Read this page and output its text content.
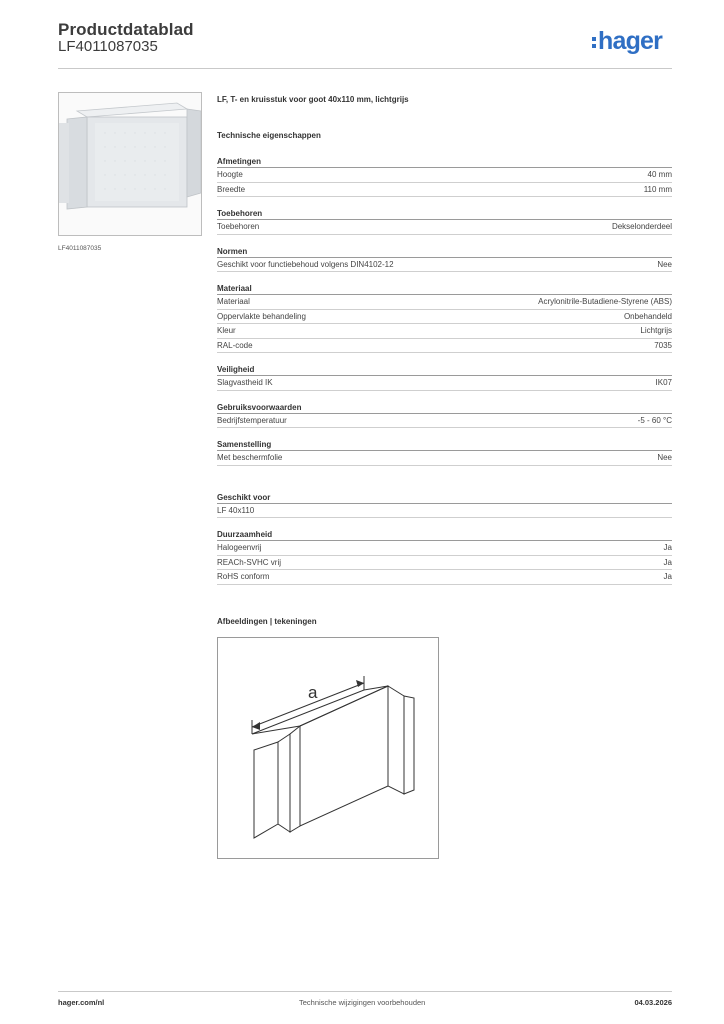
Productdatablad
LF4011087035	hager
LF4011087035
LF, T- en kruisstuk voor goot 40x110 mm, lichtgrijs
Technische eigenschappen
Afmetingen
Hoogte	40 mm
Breedte	110 mm
Toebehoren
Toebehoren	Dekselonderdeel
Normen
Geschikt voor functiebehoud volgens DIN4102-12	Nee
Materiaal
Materiaal	Acrylonitrile-Butadiene-Styrene (ABS)
Oppervlakte behandeling	Onbehandeld
Kleur	Lichtgrijs
RAL-code	7035
Veiligheid
Slagvastheid IK	IK07
Gebruiksvoorwaarden
Bedrijfstemperatuur	-5 - 60 °C
Samenstelling
Met beschermfolie	Nee
Geschikt voor
LF 40x110
Duurzaamheid
Halogeenvrij	Ja
REACh-SVHC vrij	Ja
RoHS conform	Ja
Afbeeldingen | tekeningen
a
hager.com/nl	Technische wijzigingen voorbehouden	04.03.2026
